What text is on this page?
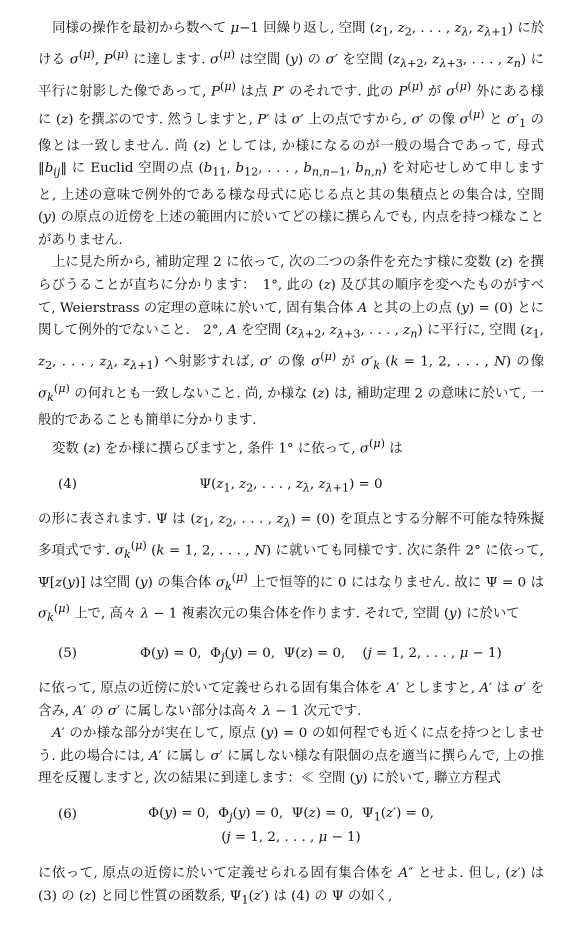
同様の操作を最初から数へて μ−1 回繰り返し, 空間 ($z_1$, $z_2$, . . . , $z_\lambda$, $z_{\lambda+1}$) に於ける $\sigma^{(\mu)}$, $P^{(\mu)}$ に達します. $\sigma^{(\mu)}$ は空間 (y) の σ′ を空間 ($z_{\lambda+2}$, $z_{\lambda+3}$, . . . , $z_n$) に平行に射影した像であって, $P^{(\mu)}$ は点 P′ のそれです. 此の $P^{(\mu)}$ が $\sigma^{(\mu)}$ 外にある様に (z) を撰ぶのです. 然うしますと, P′ は σ′ 上の点ですから, σ′ の像 $\sigma^{(\mu)}$ と $\sigma'_1$ の像とは一致しません. 尚 (z) としては, か様になるのが一般の場合であって, 母式 $‖b_{ij}‖$ に Euclid 空間の点 ($b_{11}$, $b_{12}$, . . . , $b_{n,n-1}$, $b_{n,n}$) を対応せしめて申しますと, 上述の意味で例外的である様な母式に応じる点と其の集積点との集合は, 空間 (y) の原点の近傍を上述の範囲内に於いてどの様に撰らんでも, 内点を持つ様なことがありません.

上に見た所から, 補助定理 2 に依って, 次の二つの条件を充たす様に変数 (z) を撰らびうることが直ちに分かります：　1°, 此の (z) 及び其の順序を変へたものがすべて, Weierstrass の定理の意味に於いて, 固有集合体 A と其の上の点 (y) = (0) とに関して例外的でないこと.　2°, A を空間 ($z_{\lambda+2}$, $z_{\lambda+3}$, . . . , $z_n$) に平行に, 空間 ($z_1$, $z_2$, . . . , $z_\lambda$, $z_{\lambda+1}$) へ射影すれば, σ′ の像 $\sigma^{(\mu)}$ が $\sigma'_k$ (k = 1, 2, . . . , N) の像 $\sigma_k^{(\mu)}$ の何れとも一致しないこと. 尚, か様な (z) は, 補助定理 2 の意味に於いて, 一般的であることも簡単に分かります.

変数 (z) をか様に撰らびますと, 条件 1° に依って, $\sigma^{(\mu)}$ は

(4)	$\Psi(z_1$, $z_2$, . . . , $z_\lambda$, $z_{\lambda+1}) = 0$

の形に表されます. Ψ は ($z_1$, $z_2$, . . . , $z_\lambda) = (0)$ を頂点とする分解不可能な特殊擬多項式です. $\sigma_k^{(\mu)}$ (k = 1, 2, . . . , N) に就いても同様です. 次に条件 2° に依って, Ψ[z(y)] は空間 (y) の集合体 $\sigma_k^{(\mu)}$ 上で恒等的に 0 にはなりません. 故に Ψ = 0 は $\sigma_k^{(\mu)}$ 上で, 高々 λ − 1 複素次元の集合体を作ります. それで, 空間 (y) に於いて

(5)	Φ(y) = 0,  $\Phi_j(y) = 0$,  Ψ(z) = 0,    (j = 1, 2, . . . , μ − 1)

に依って, 原点の近傍に於いて定義せられる固有集合体を A′ としますと, A′ は σ′ を含み, A′ の σ′ に属しない部分は高々 λ − 1 次元です.

A′ のか様な部分が実在して, 原点 (y) = 0 の如何程でも近くに点を持つとしませう. 此の場合には, A′ に属し σ′ に属しない様な有限個の点を適当に撰らんで, 上の推理を反覆しますと, 次の結果に到達します：≪ 空間 (y) に於いて, 聯立方程式

(6)	Φ(y) = 0,  $\Phi_j(y) = 0$,  Ψ(z) = 0,  $\Psi_1(z') = 0$,
(j = 1, 2, . . . , μ − 1)

に依って, 原点の近傍に於いて定義せられる固有集合体を A″ とせよ. 但し, (z′) は (3) の (z) と同じ性質の函数系, $\Psi_1(z')$ は (4) の Ψ の如く,
